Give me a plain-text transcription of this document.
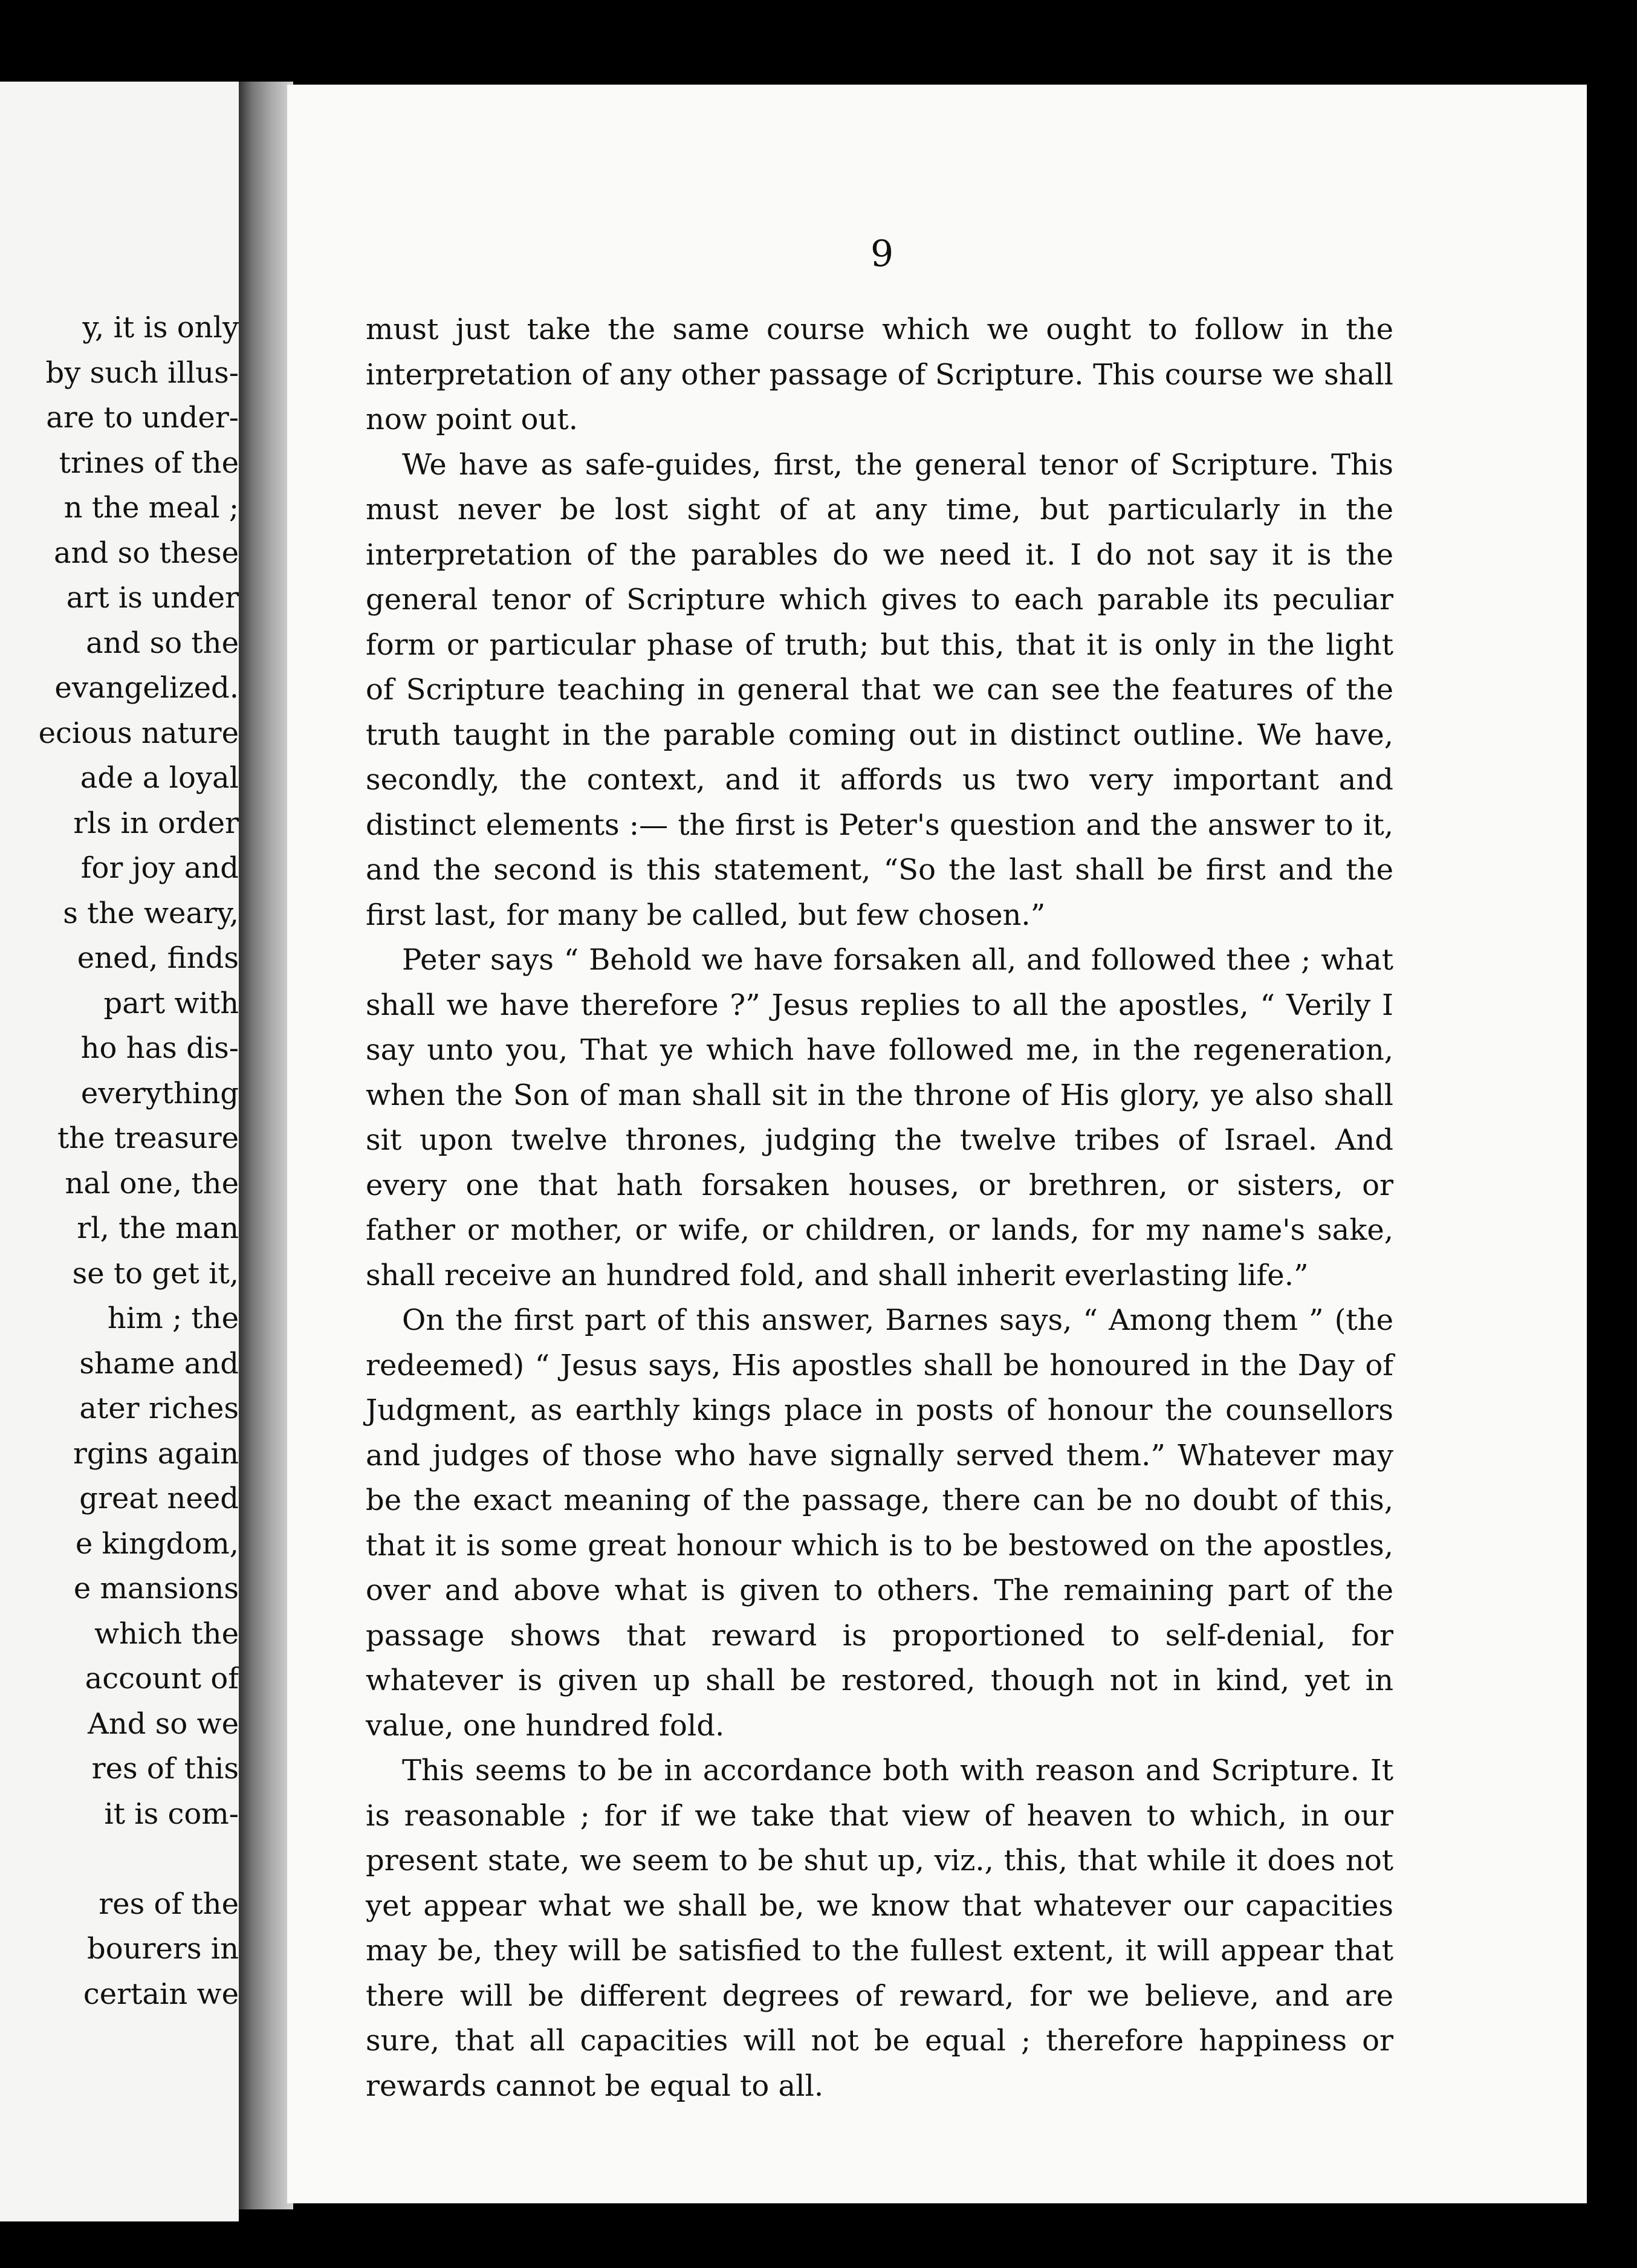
y, it is only
by such illus-
are to under-
trines of the
n the meal ;
and so these
art is under
and so the
evangelized.
ecious nature
ade a loyal
rls in order
for joy and
s the weary,
ened, finds
part with
ho has dis-
everything
the treasure
nal one, the
rl, the man
se to get it,
him ; the
shame and
ater riches
rgins again
great need
e kingdom,
e mansions
which the
account of
And so we
res of this
it is com-
res of the
bourers in
certain we
9

must just take the same course which we ought to follow in the interpretation of any other passage of Scripture. This course we shall now point out.

We have as safe-guides, first, the general tenor of Scripture. This must never be lost sight of at any time, but particularly in the interpretation of the parables do we need it. I do not say it is the general tenor of Scripture which gives to each parable its peculiar form or particular phase of truth; but this, that it is only in the light of Scripture teaching in general that we can see the features of the truth taught in the parable coming out in distinct outline. We have, secondly, the context, and it affords us two very important and distinct elements :— the first is Peter's question and the answer to it, and the second is this statement, “So the last shall be first and the first last, for many be called, but few chosen.”

Peter says “ Behold we have forsaken all, and followed thee ; what shall we have therefore ?” Jesus replies to all the apostles, “ Verily I say unto you, That ye which have followed me, in the regeneration, when the Son of man shall sit in the throne of His glory, ye also shall sit upon twelve thrones, judging the twelve tribes of Israel. And every one that hath forsaken houses, or brethren, or sisters, or father or mother, or wife, or children, or lands, for my name's sake, shall receive an hundred fold, and shall inherit everlasting life.”

On the first part of this answer, Barnes says, “ Among them ” (the redeemed) “ Jesus says, His apostles shall be honoured in the Day of Judgment, as earthly kings place in posts of honour the counsellors and judges of those who have signally served them.” Whatever may be the exact meaning of the passage, there can be no doubt of this, that it is some great honour which is to be bestowed on the apostles, over and above what is given to others. The remaining part of the passage shows that reward is proportioned to self-denial, for whatever is given up shall be restored, though not in kind, yet in value, one hundred fold.

This seems to be in accordance both with reason and Scripture. It is reasonable ; for if we take that view of heaven to which, in our present state, we seem to be shut up, viz., this, that while it does not yet appear what we shall be, we know that whatever our capacities may be, they will be satisfied to the fullest extent, it will appear that there will be different degrees of reward, for we believe, and are sure, that all capacities will not be equal ; therefore happiness or rewards cannot be equal to all.
